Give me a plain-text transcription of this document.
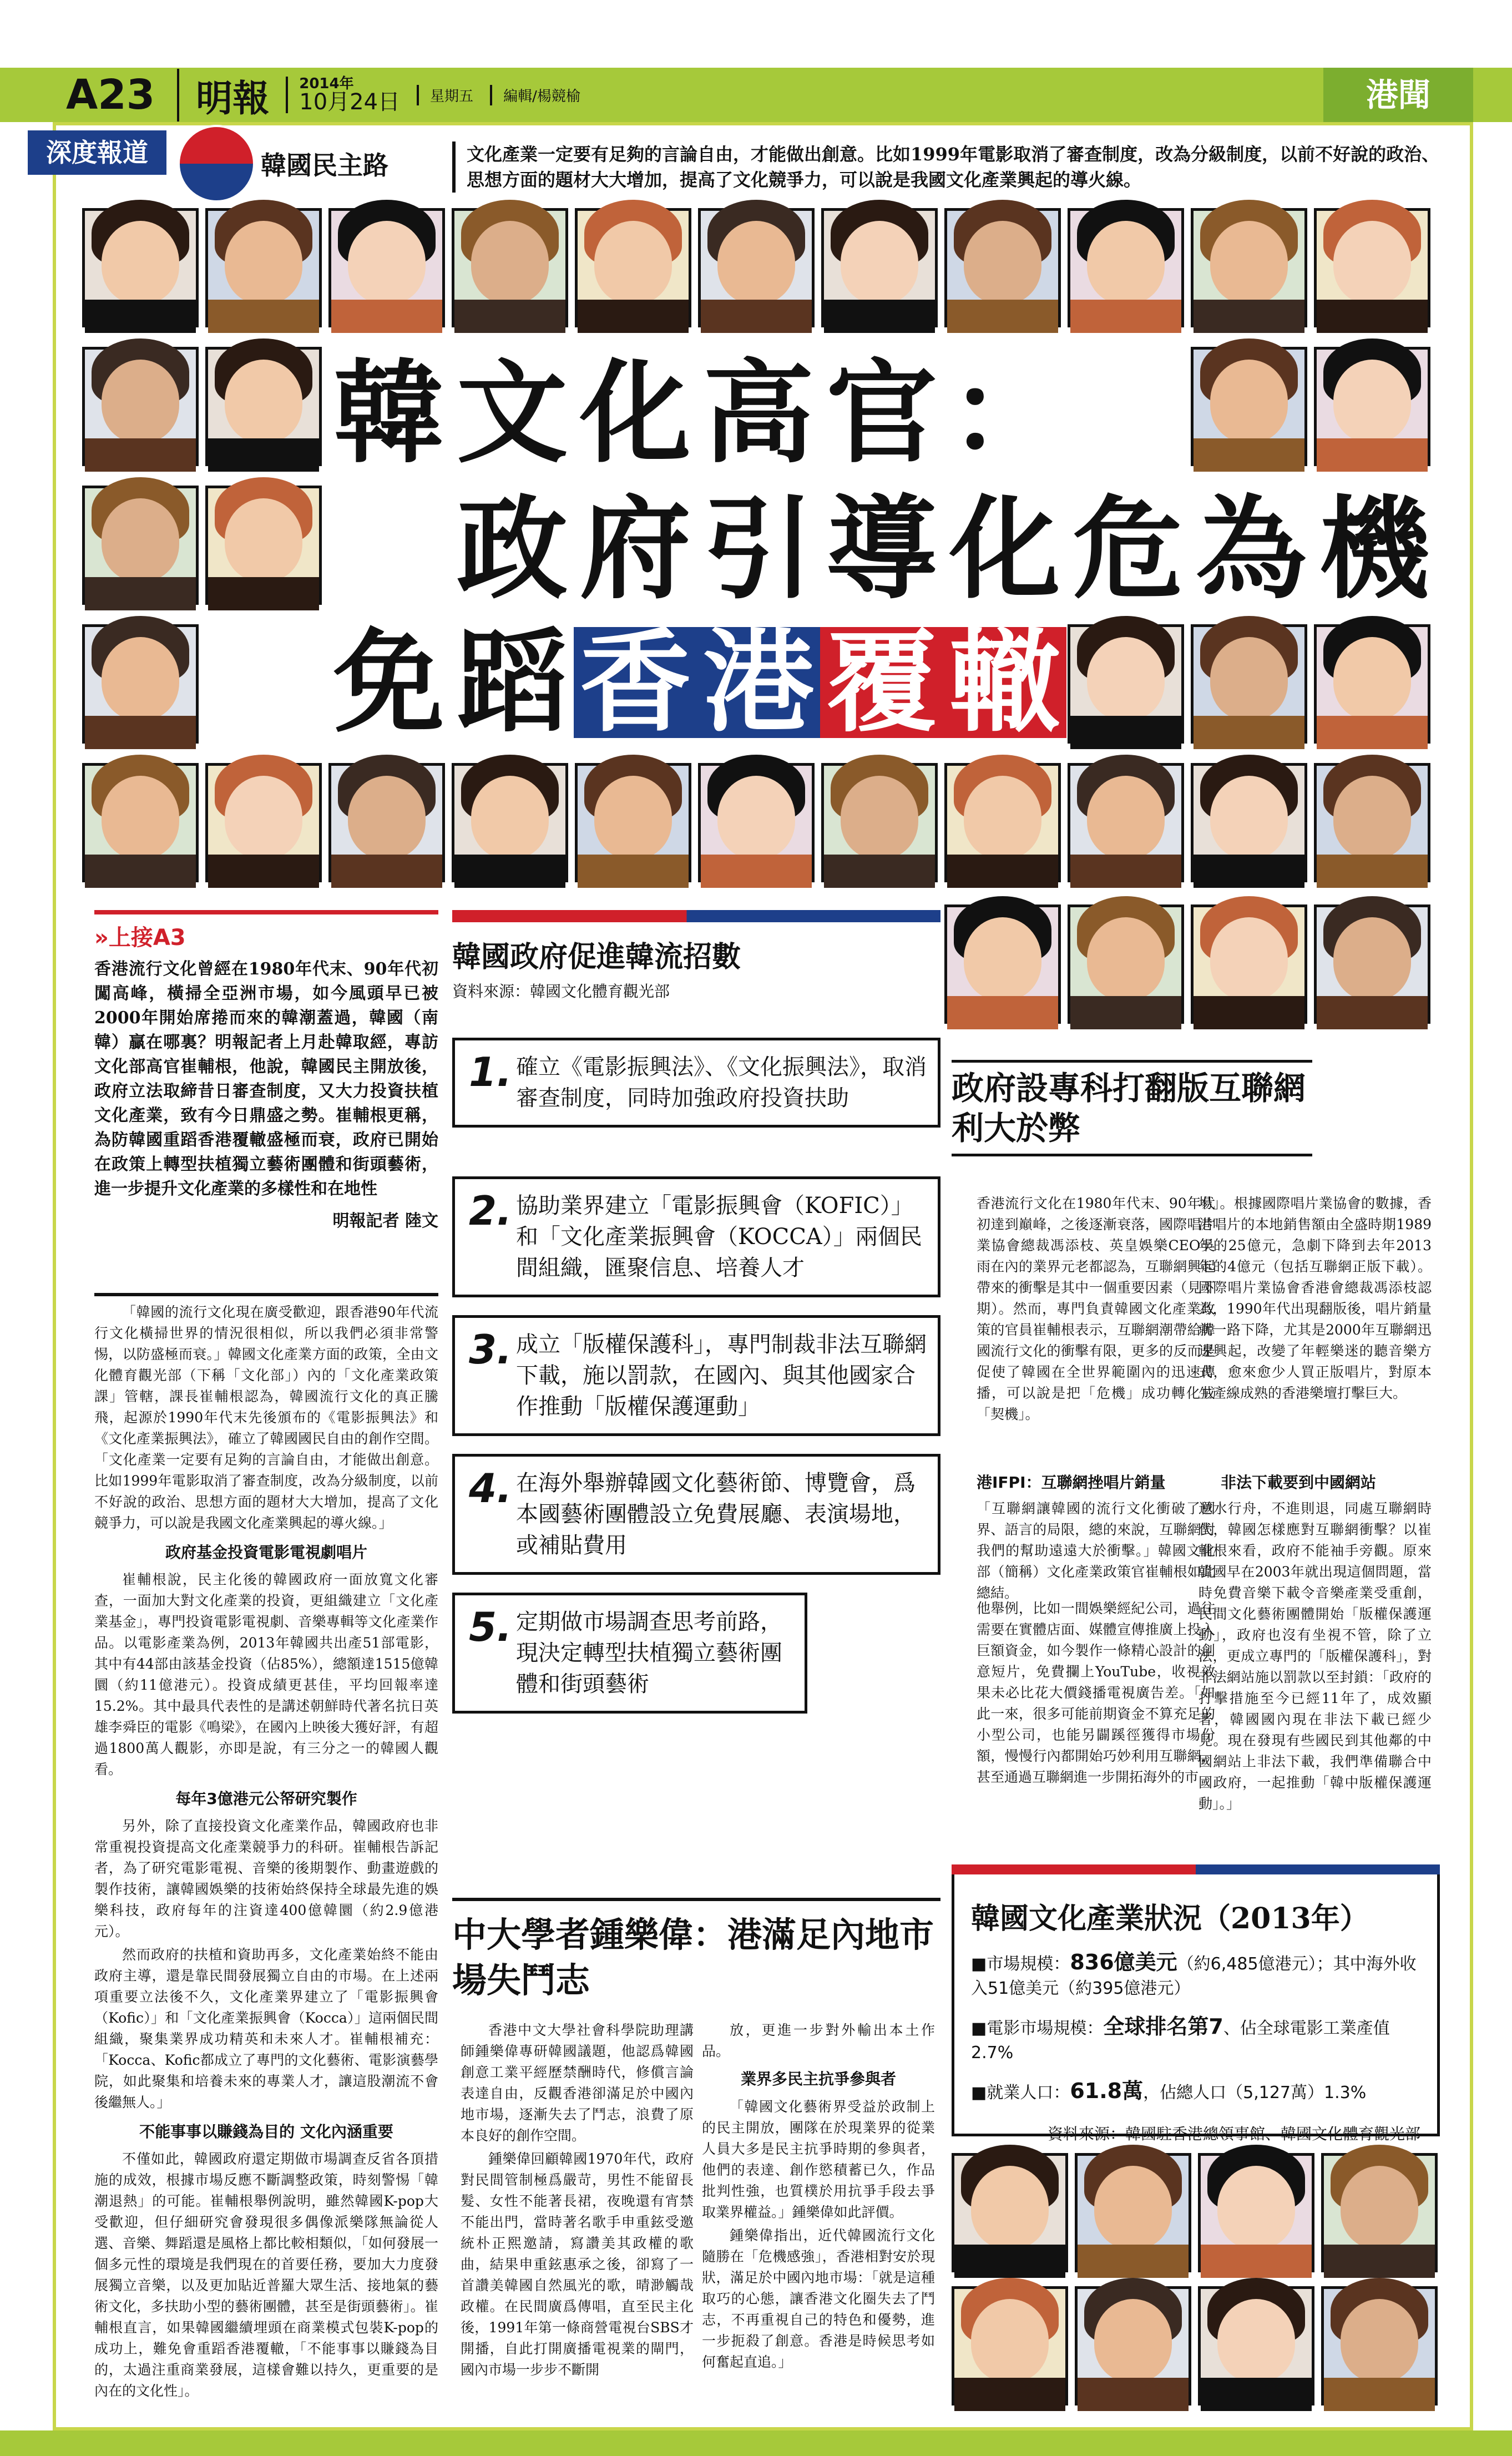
A23	明報 2014年
10月24日	星期五	編輯/楊競榆	港聞
深度報道	韓國民主路	文化產業一定要有足夠的言論自由，才能做出創意。比如1999年電影取消了審查制度，改為分級制度，以前不好說的政治、思想方面的題材大大增加，提高了文化競爭力，可以說是我國文化產業興起的導火線。
韓 文 化 高 官 ：
政 府 引 導 化 危 為 機
免 蹈 香 港 覆 轍
»上接A3
香港流行文化曾經在1980年代末、90年代初闖高峰，橫掃全亞洲市場，如今風頭早已被2000年開始席捲而來的韓潮蓋過，韓國（南韓）贏在哪裏？明報記者上月赴韓取經，專訪文化部高官崔輔根，他說，韓國民主開放後，政府立法取締昔日審查制度，又大力投資扶植文化產業，致有今日鼎盛之勢。崔輔根更稱，為防韓國重蹈香港覆轍盛極而衰，政府已開始在政策上轉型扶植獨立藝術團體和街頭藝術，進一步提升文化產業的多樣性和在地性
明報記者 陸文

「韓國的流行文化現在廣受歡迎，跟香港90年代流行文化橫掃世界的情況很相似，所以我們必須非常警惕，以防盛極而衰。」韓國文化產業方面的政策，全由文化體育觀光部（下稱「文化部」）內的「文化產業政策課」管轄，課長崔輔根認為，韓國流行文化的真正騰飛，起源於1990年代末先後頒布的《電影振興法》和《文化產業振興法》，確立了韓國國民自由的創作空間。「文化產業一定要有足夠的言論自由，才能做出創意。比如1999年電影取消了審查制度，改為分級制度，以前不好說的政治、思想方面的題材大大增加，提高了文化競爭力，可以說是我國文化產業興起的導火線。」

政府基金投資電影電視劇唱片

崔輔根說，民主化後的韓國政府一面放寬文化審查，一面加大對文化產業的投資，更組織建立「文化產業基金」，專門投資電影電視劇、音樂專輯等文化產業作品。以電影產業為例，2013年韓國共出產51部電影，其中有44部由該基金投資（佔85%），總額達1515億韓圜（約11億港元）。投資成績更甚佳，平均回報率達15.2%。其中最具代表性的是講述朝鮮時代著名抗日英雄李舜臣的電影《鳴梁》，在國內上映後大獲好評，有超過1800萬人觀影，亦即是說，有三分之一的韓國人觀看。

每年3億港元公帑研究製作

另外，除了直接投資文化產業作品，韓國政府也非常重視投資提高文化產業競爭力的科研。崔輔根告訴記者，為了研究電影電視、音樂的後期製作、動畫遊戲的製作技術，讓韓國娛樂的技術始終保持全球最先進的娛樂科技，政府每年的注資達400億韓圜（約2.9億港元）。

然而政府的扶植和資助再多，文化產業始終不能由政府主導，還是靠民間發展獨立自由的市場。在上述兩項重要立法後不久，文化產業界建立了「電影振興會（Kofic）」和「文化產業振興會（Kocca）」這兩個民間組織，聚集業界成功精英和未來人才。崔輔根補充：「Kocca、Kofic都成立了專門的文化藝術、電影演藝學院，如此聚集和培養未來的專業人才，讓這股潮流不會後繼無人。」

不能事事以賺錢為目的 文化內涵重要

不僅如此，韓國政府還定期做市場調查反省各頂措施的成效，根據市場反應不斷調整政策，時刻警惕「韓潮退熱」的可能。崔輔根舉例說明，雖然韓國K-pop大受歡迎，但仔細研究會發現很多偶像派樂隊無論從人選、音樂、舞蹈還是風格上都比較相類似，「如何發展一個多元性的環境是我們現在的首要任務，要加大力度發展獨立音樂，以及更加貼近普羅大眾生活、接地氣的藝術文化，多扶助小型的藝術團體，甚至是街頭藝術」。崔輔根直言，如果韓國繼續埋頭在商業模式包裝K-pop的成功上，難免會重蹈香港覆轍，「不能事事以賺錢為目的，太過注重商業發展，這樣會難以持久，更重要的是內在的文化性」。

韓國政府促進韓流招數
資料來源：韓國文化體育觀光部
1. 確立《電影振興法》、《文化振興法》，取消審查制度，同時加強政府投資扶助
2. 協助業界建立「電影振興會（KOFIC）」和「文化產業振興會（KOCCA）」兩個民間組織，匯聚信息、培養人才
3. 成立「版權保護科」，專門制裁非法互聯網下載，施以罰款，在國內、與其他國家合作推動「版權保護運動」
4. 在海外舉辦韓國文化藝術節、博覽會，爲本國藝術團體設立免費展廳、表演場地，或補貼費用
5. 定期做市場調查思考前路，現決定轉型扶植獨立藝術團體和街頭藝術
政府設專科打翻版互聯網利大於弊
香港流行文化在1980年代末、90年代初達到巔峰，之後逐漸衰落，國際唱片業協會總裁馮添枝、英皇娛樂CEO吳雨在內的業界元老都認為，互聯網興起帶來的衝擊是其中一個重要因素（見下期）。然而，專門負責韓國文化產業政策的官員崔輔根表示，互聯網潮帶給韓國流行文化的衝擊有限，更多的反而是促使了韓國在全世界範圍內的迅速傳播，可以說是把「危機」成功轉化成「契機」。
場」。根據國際唱片業協會的數據，香港唱片的本地銷售額由全盛時期1989年的25億元，急劇下降到去年2013年的4億元（包括互聯網正版下載）。國際唱片業協會香港會總裁馮添枝認為，1990年代出現翻版後，唱片銷量就一路下降，尤其是2000年互聯網迅速興起，改變了年輕樂迷的聽音樂方式，愈來愈少人買正版唱片，對原本生產線成熟的香港樂壇打擊巨大。
港IFPI：互聯網挫唱片銷量	非法下載要到中國網站
「互聯網讓韓國的流行文化衝破了國界、語言的局限，總的來說，互聯網對我們的幫助遠遠大於衝擊。」韓國文化部（簡稱）文化產業政策官崔輔根如此總結。
他舉例，比如一間娛樂經紀公司，過往需要在實體店面、媒體宣傳推廣上投入巨額資金，如今製作一條精心設計的創意短片，免費攔上YouTube，收視效果未必比花大價錢播電視廣告差。「如此一來，很多可能前期資金不算充足的小型公司，也能另闢蹊徑獲得市場份額，慢慢行內都開始巧妙利用互聯網，甚至通過互聯網進一步開拓海外的市
逆水行舟，不進則退，同處互聯網時代，韓國怎樣應對互聯網衝擊？以崔輔根來看，政府不能袖手旁觀。原來韓國早在2003年就出現這個問題，當時免費音樂下載令音樂產業受重創，民間文化藝術團體開始「版權保護運動」，政府也沒有坐視不管，除了立法，更成立專門的「版權保護科」，對非法網站施以罰款以至封鎖：「政府的打擊措施至今已經11年了，成效顯著，韓國國內現在非法下載已經少見。現在發現有些國民到其他鄰的中國網站上非法下載，我們準備聯合中國政府，一起推動「韓中版權保護運動」。」
中大學者鍾樂偉：港滿足內地市場失鬥志

香港中文大學社會科學院助理講師鍾樂偉專研韓國議題，他認爲韓國創意工業平經歷禁酬時代，修償言論表達自由，反觀香港卻滿足於中國內地市場，逐漸失去了鬥志，浪費了原本良好的創作空間。

鍾樂偉回顧韓國1970年代，政府對民間管制極爲嚴苛，男性不能留長髮、女性不能著長裙，夜晚還有宵禁不能出門，當時著名歌手申重鉉受邀統朴正熙邀請，寫讚美其政權的歌曲，結果申重鉉惠承之後，卻寫了一首讚美韓國自然風光的歌，晴渺觸哉政權。在民間廣爲傳唱，直至民主化後，1991年第一條商營電視台SBS才開播，自此打開廣播電視業的閘門，國內市場一步步不斷開

放，更進一步對外輸出本土作品。

業界多民主抗爭參與者

「韓國文化藝術界受益於政制上的民主開放，團隊在於現業界的從業人員大多是民主抗爭時期的參與者，他們的表達、創作慾積蓄已久，作品批判性強，也質樸於用抗爭手段去爭取業界權益。」鍾樂偉如此評價。

鍾樂偉指出，近代韓國流行文化隨勝在「危機感強」，香港相對安於現狀，滿足於中國內地市場：「就是這種取巧的心態，讓香港文化圈失去了鬥志，不再重視自己的特色和優勢，進一步扼殺了創意。香港是時候思考如何奮起直追。」

韓國文化產業狀況（2013年）
■市場規模：836億美元（約6,485億港元）；其中海外收入51億美元（約395億港元）
■電影市場規模：全球排名第7、佔全球電影工業產值2.7%
■就業人口：61.8萬，佔總人口（5,127萬）1.3%
資料來源：韓國駐香港總領事館、韓國文化體育觀光部
